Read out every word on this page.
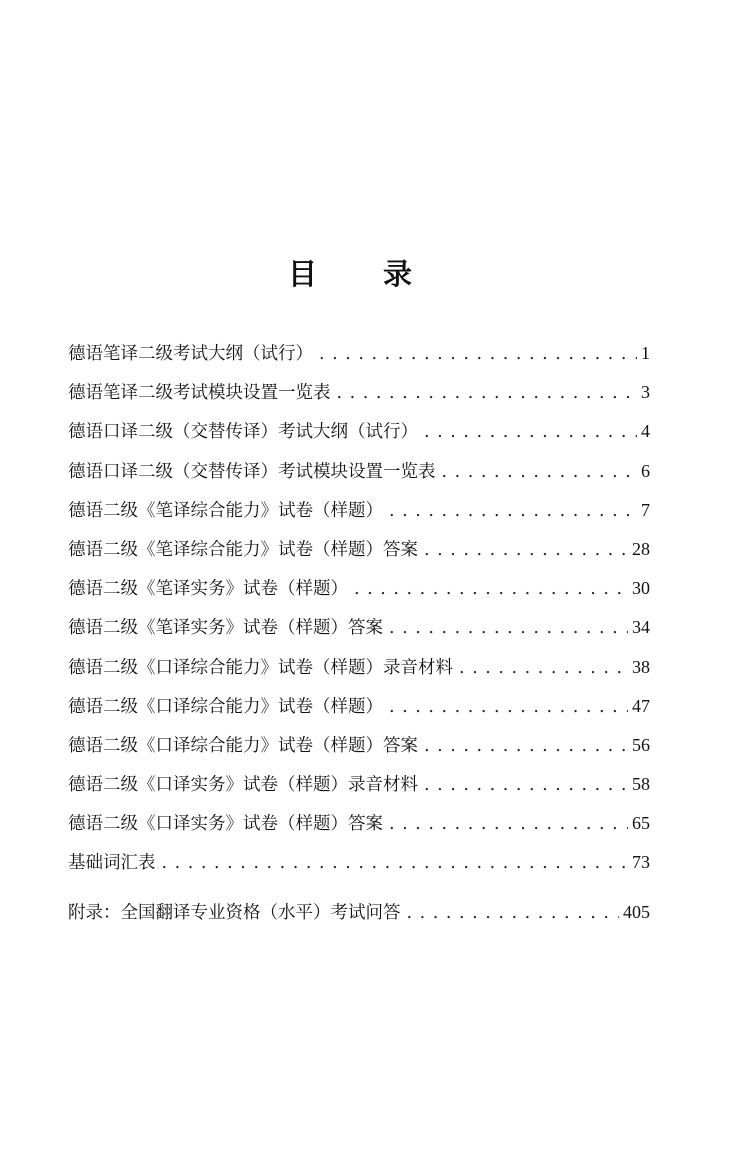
目 录
德语笔译二级考试大纲（试行） . . .	1
德语笔译二级考试模块设置一览表 . . .	3
德语口译二级（交替传译）考试大纲（试行） . . .	4
德语口译二级（交替传译）考试模块设置一览表 . . .	6
德语二级《笔译综合能力》试卷（样题） . . .	7
德语二级《笔译综合能力》试卷（样题）答案 . . .	28
德语二级《笔译实务》试卷（样题） . . .	30
德语二级《笔译实务》试卷（样题）答案 . . .	34
德语二级《口译综合能力》试卷（样题）录音材料 . . .	38
德语二级《口译综合能力》试卷（样题） . . .	47
德语二级《口译综合能力》试卷（样题）答案 . . .	56
德语二级《口译实务》试卷（样题）录音材料 . . .	58
德语二级《口译实务》试卷（样题）答案 . . .	65
基础词汇表 . . .	73
附录：全国翻译专业资格（水平）考试问答 . . .	405
